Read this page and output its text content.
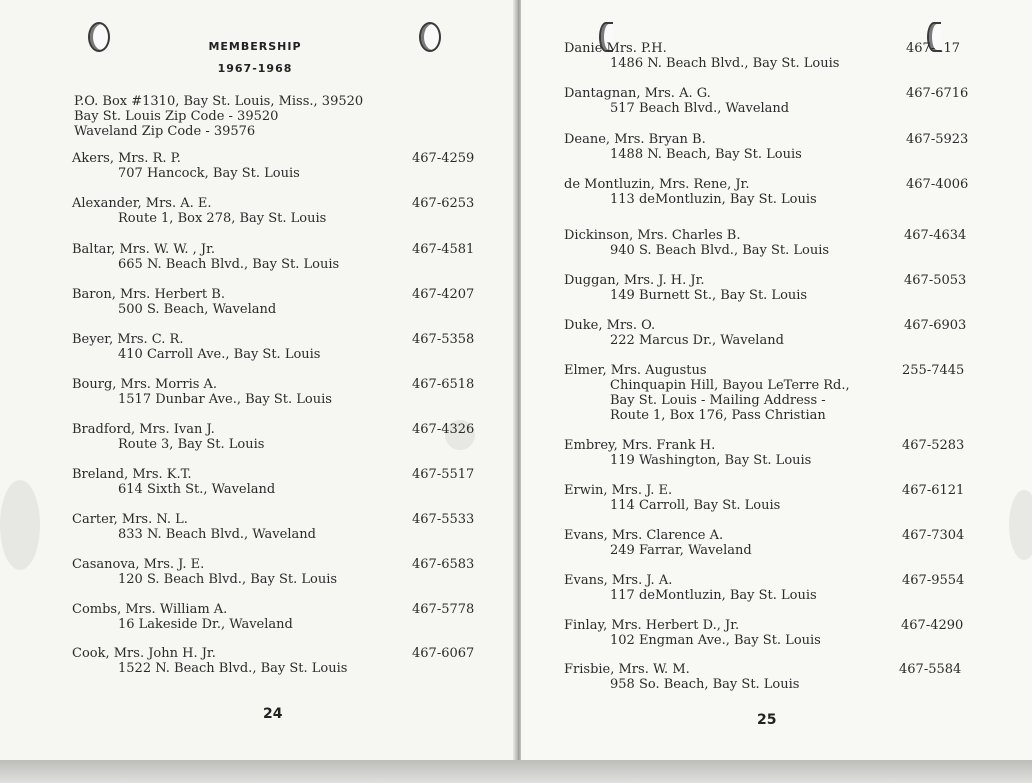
MEMBERSHIP
1967-1968
P.O. Box #1310, Bay St. Louis, Miss., 39520
Bay St. Louis Zip Code - 39520
Waveland Zip Code - 39576
Akers, Mrs. R. P.
707 Hancock, Bay St. Louis
467-4259
Alexander, Mrs. A. E.
Route 1, Box 278, Bay St. Louis
467-6253
Baltar, Mrs. W. W. , Jr.
665 N. Beach Blvd., Bay St. Louis
467-4581
Baron, Mrs. Herbert B.
500 S. Beach, Waveland
467-4207
Beyer, Mrs. C. R.
410 Carroll Ave., Bay St. Louis
467-5358
Bourg, Mrs. Morris A.
1517 Dunbar Ave., Bay St. Louis
467-6518
Bradford, Mrs. Ivan J.
Route 3, Bay St. Louis
467-4326
Breland, Mrs. K.T.
614 Sixth St., Waveland
467-5517
Carter, Mrs. N. L.
833 N. Beach Blvd., Waveland
467-5533
Casanova, Mrs. J. E.
120 S. Beach Blvd., Bay St. Louis
467-6583
Combs, Mrs. William A.
16 Lakeside Dr., Waveland
467-5778
Cook, Mrs. John H. Jr.
1522 N. Beach Blvd., Bay St. Louis
467-6067
24
Danie Mrs. P.H.
1486 N. Beach Blvd., Bay St. Louis
467- .17
Dantagnan, Mrs. A. G.
517 Beach Blvd., Waveland
467-6716
Deane, Mrs. Bryan B.
1488 N. Beach, Bay St. Louis
467-5923
de Montluzin, Mrs. Rene, Jr.
113 deMontluzin, Bay St. Louis
467-4006
Dickinson, Mrs. Charles B.
940 S. Beach Blvd., Bay St. Louis
467-4634
Duggan, Mrs. J. H. Jr.
149 Burnett St., Bay St. Louis
467-5053
Duke, Mrs. O.
222 Marcus Dr., Waveland
467-6903
Elmer, Mrs. Augustus
Chinquapin Hill, Bayou LeTerre Rd.,
Bay St. Louis - Mailing Address -
Route 1, Box 176, Pass Christian
255-7445
Embrey, Mrs. Frank H.
119 Washington, Bay St. Louis
467-5283
Erwin, Mrs. J. E.
114 Carroll, Bay St. Louis
467-6121
Evans, Mrs. Clarence A.
249 Farrar, Waveland
467-7304
Evans, Mrs. J. A.
117 deMontluzin, Bay St. Louis
467-9554
Finlay, Mrs. Herbert D., Jr.
102 Engman Ave., Bay St. Louis
467-4290
Frisbie, Mrs. W. M.
958 So. Beach, Bay St. Louis
467-5584
25
